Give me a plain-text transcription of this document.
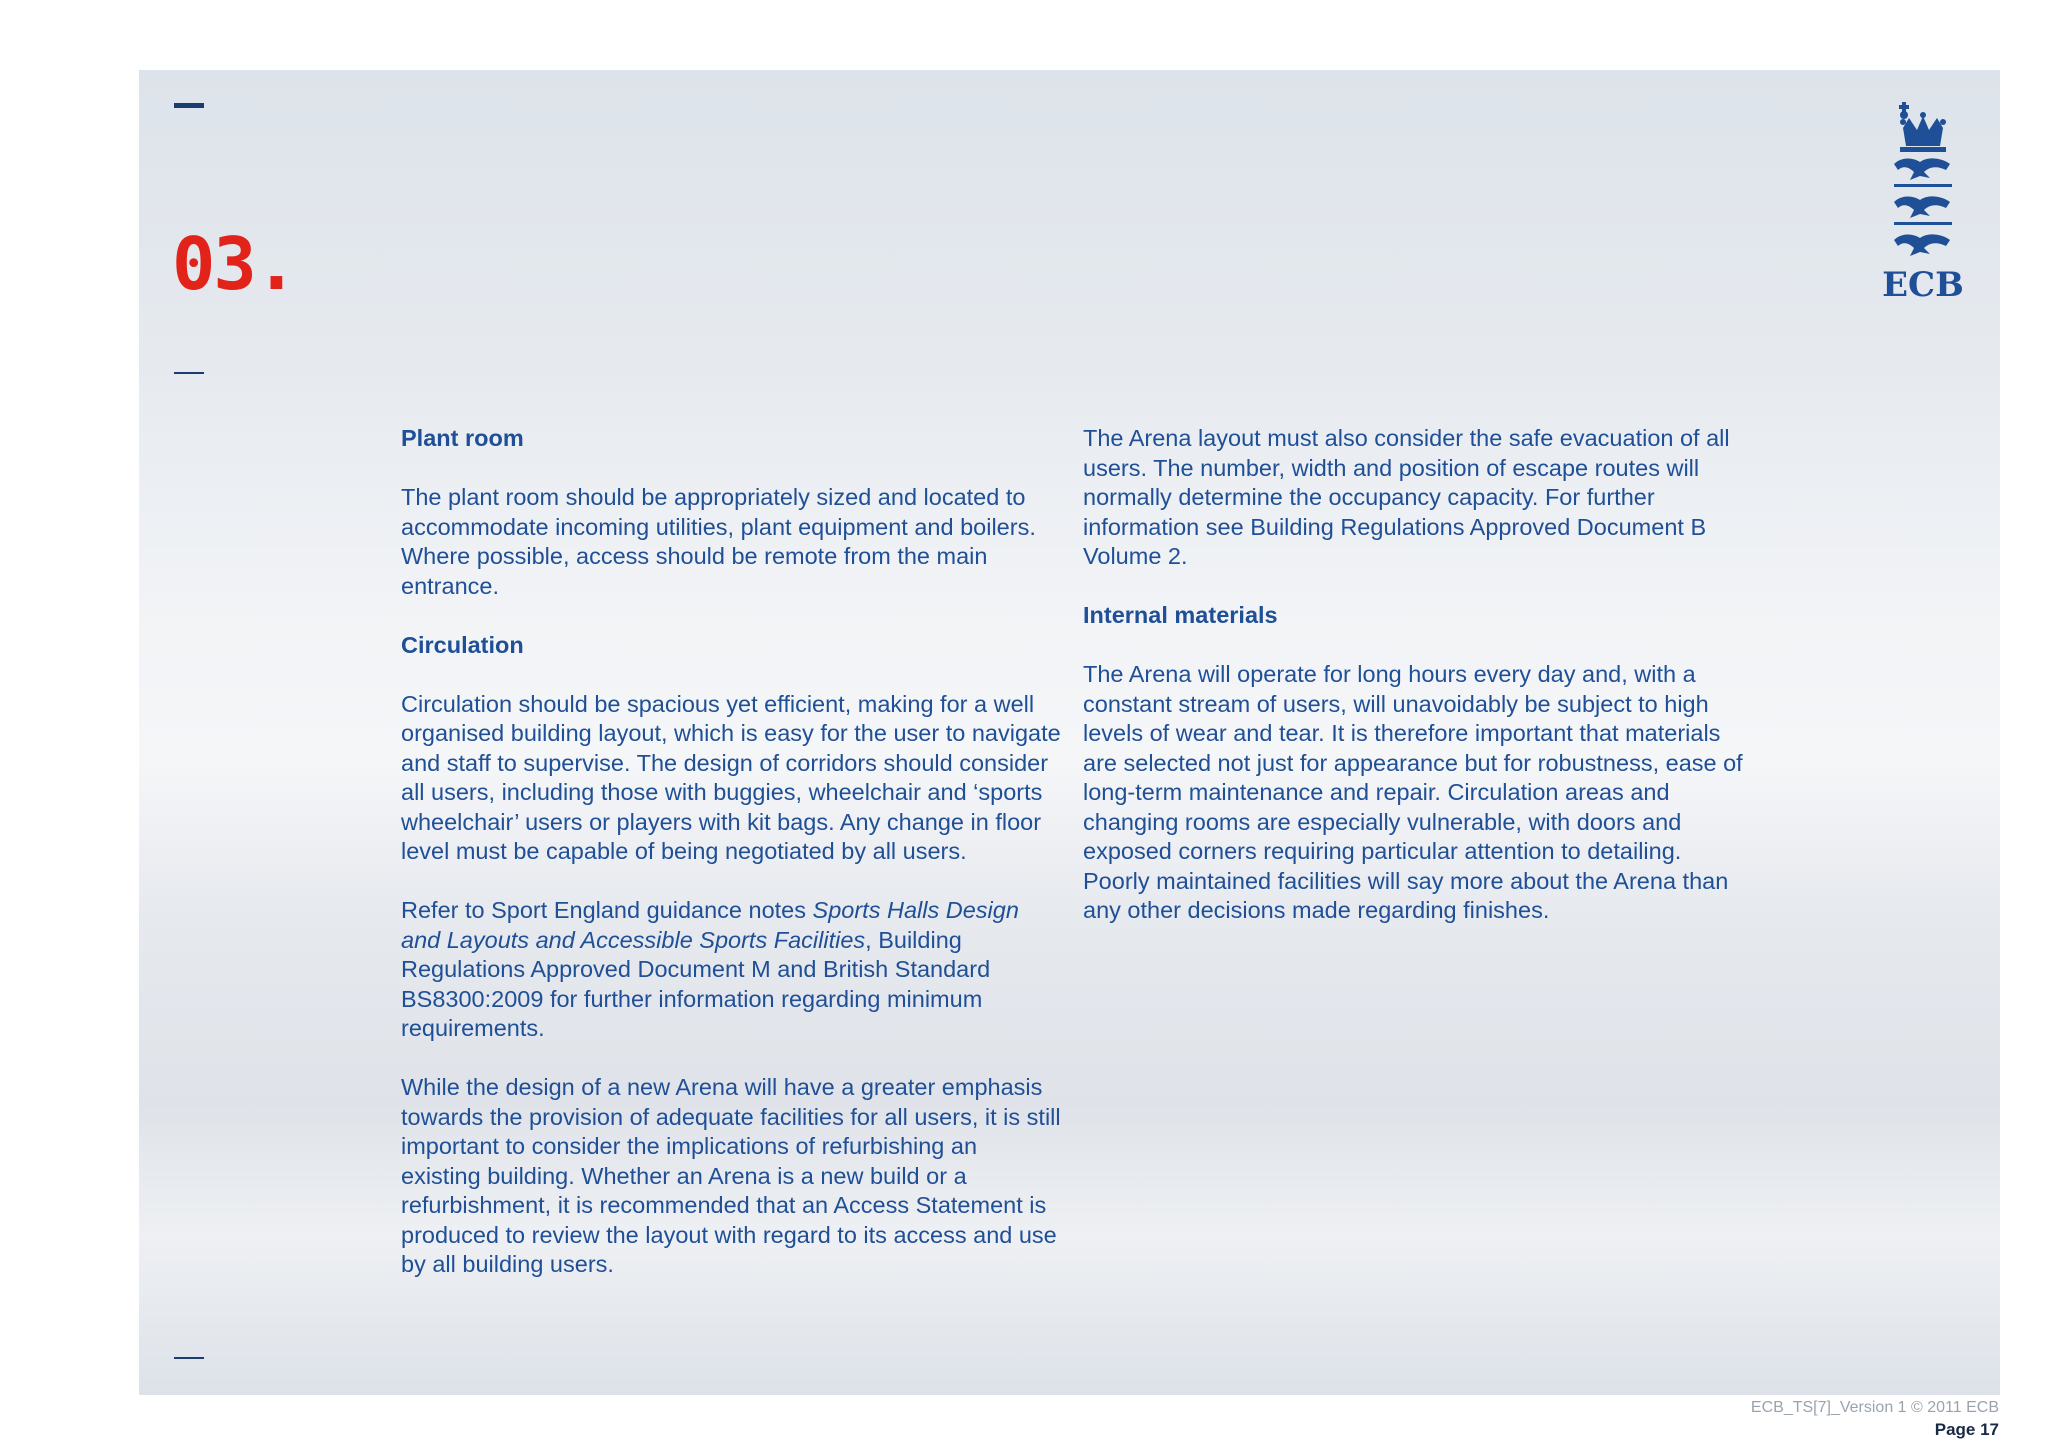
03.	ECB
Plant room

The plant room should be appropriately sized and located to accommodate incoming utilities, plant equipment and boilers. Where possible, access should be remote from the main entrance.

Circulation

Circulation should be spacious yet efficient, making for a well organised building layout, which is easy for the user to navigate and staff to supervise. The design of corridors should consider all users, including those with buggies, wheelchair and ‘sports wheelchair’ users or players with kit bags. Any change in floor level must be capable of being negotiated by all users.

Refer to Sport England guidance notes Sports Halls Design and Layouts and Accessible Sports Facilities, Building Regulations Approved Document M and British Standard BS8300:2009 for further information regarding minimum requirements.

While the design of a new Arena will have a greater emphasis towards the provision of adequate facilities for all users, it is still important to consider the implications of refurbishing an existing building. Whether an Arena is a new build or a refurbishment, it is recommended that an Access Statement is produced to review the layout with regard to its access and use by all building users.

The Arena layout must also consider the safe evacuation of all users. The number, width and position of escape routes will normally determine the occupancy capacity. For further information see Building Regulations Approved Document B Volume 2.

Internal materials

The Arena will operate for long hours every day and, with a constant stream of users, will unavoidably be subject to high levels of wear and tear. It is therefore important that materials are selected not just for appearance but for robustness, ease of long-term maintenance and repair. Circulation areas and changing rooms are especially vulnerable, with doors and exposed corners requiring particular attention to detailing. Poorly maintained facilities will say more about the Arena than any other decisions made regarding finishes.

ECB_TS[7]_Version 1 © 2011 ECB
Page 17
